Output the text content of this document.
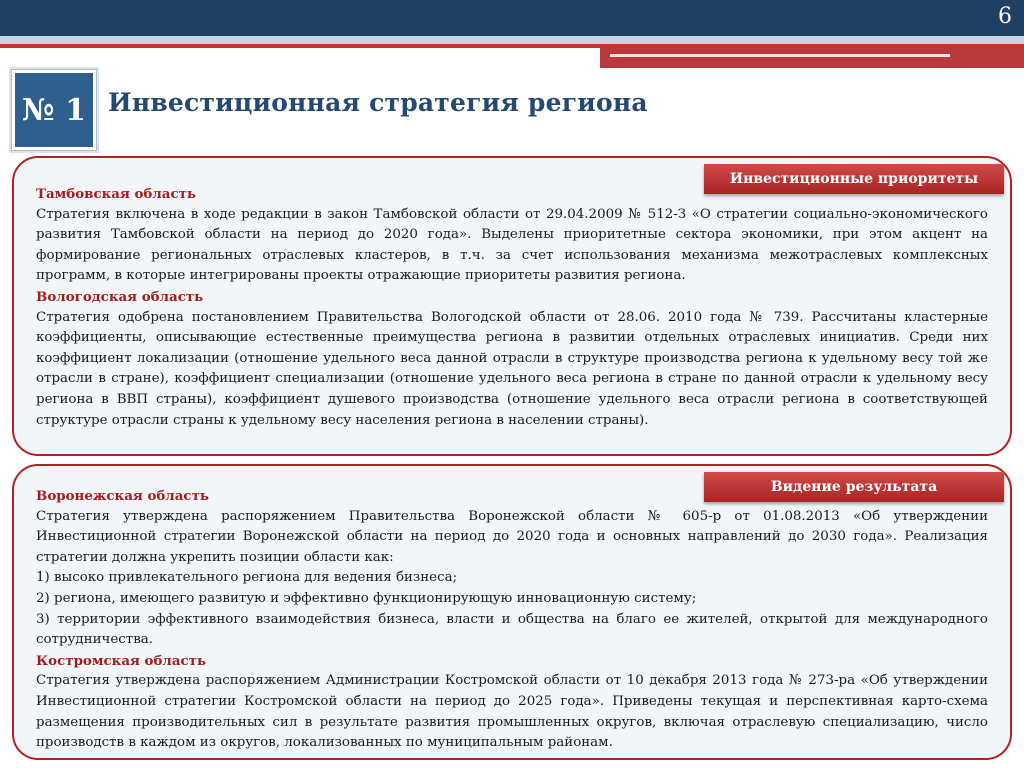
6
№ 1 Инвестиционная стратегия региона
Инвестиционные приоритеты

Тамбовская область

Стратегия включена в ходе редакции в закон Тамбовской области от 29.04.2009 № 512-З «О стратегии социально-экономического развития Тамбовской области на период до 2020 года». Выделены приоритетные сектора экономики, при этом акцент на формирование региональных отраслевых кластеров, в т.ч. за счет использования механизма межотраслевых комплексных программ, в которые интегрированы проекты отражающие приоритеты развития региона.

Вологодская область

Стратегия одобрена постановлением Правительства Вологодской области от 28.06. 2010 года № 739. Рассчитаны кластерные коэффициенты, описывающие естественные преимущества региона в развитии отдельных отраслевых инициатив. Среди них коэффициент локализации (отношение удельного веса данной отрасли в структуре производства региона к удельному весу той же отрасли в стране), коэффициент специализации (отношение удельного веса региона в стране по данной отрасли к удельному весу региона в ВВП страны), коэффициент душевого производства (отношение удельного веса отрасли региона в соответствующей структуре отрасли страны к удельному весу населения региона в населении страны).

Видение результата

Воронежская область

Стратегия утверждена распоряжением Правительства Воронежской области № 605-р от 01.08.2013 «Об утверждении Инвестиционной стратегии Воронежской области на период до 2020 года и основных направлений до 2030 года». Реализация стратегии должна укрепить позиции области как:

1) высоко привлекательного региона для ведения бизнеса;

2) региона, имеющего развитую и эффективно функционирующую инновационную систему;

3) территории эффективного взаимодействия бизнеса, власти и общества на благо ее жителей, открытой для международного сотрудничества.

Костромская область

Стратегия утверждена распоряжением Администрации Костромской области от 10 декабря 2013 года № 273-ра «Об утверждении Инвестиционной стратегии Костромской области на период до 2025 года». Приведены текущая и перспективная карто-схема размещения производительных сил в результате развития промышленных округов, включая отраслевую специализацию, число производств в каждом из округов, локализованных по муниципальным районам.
